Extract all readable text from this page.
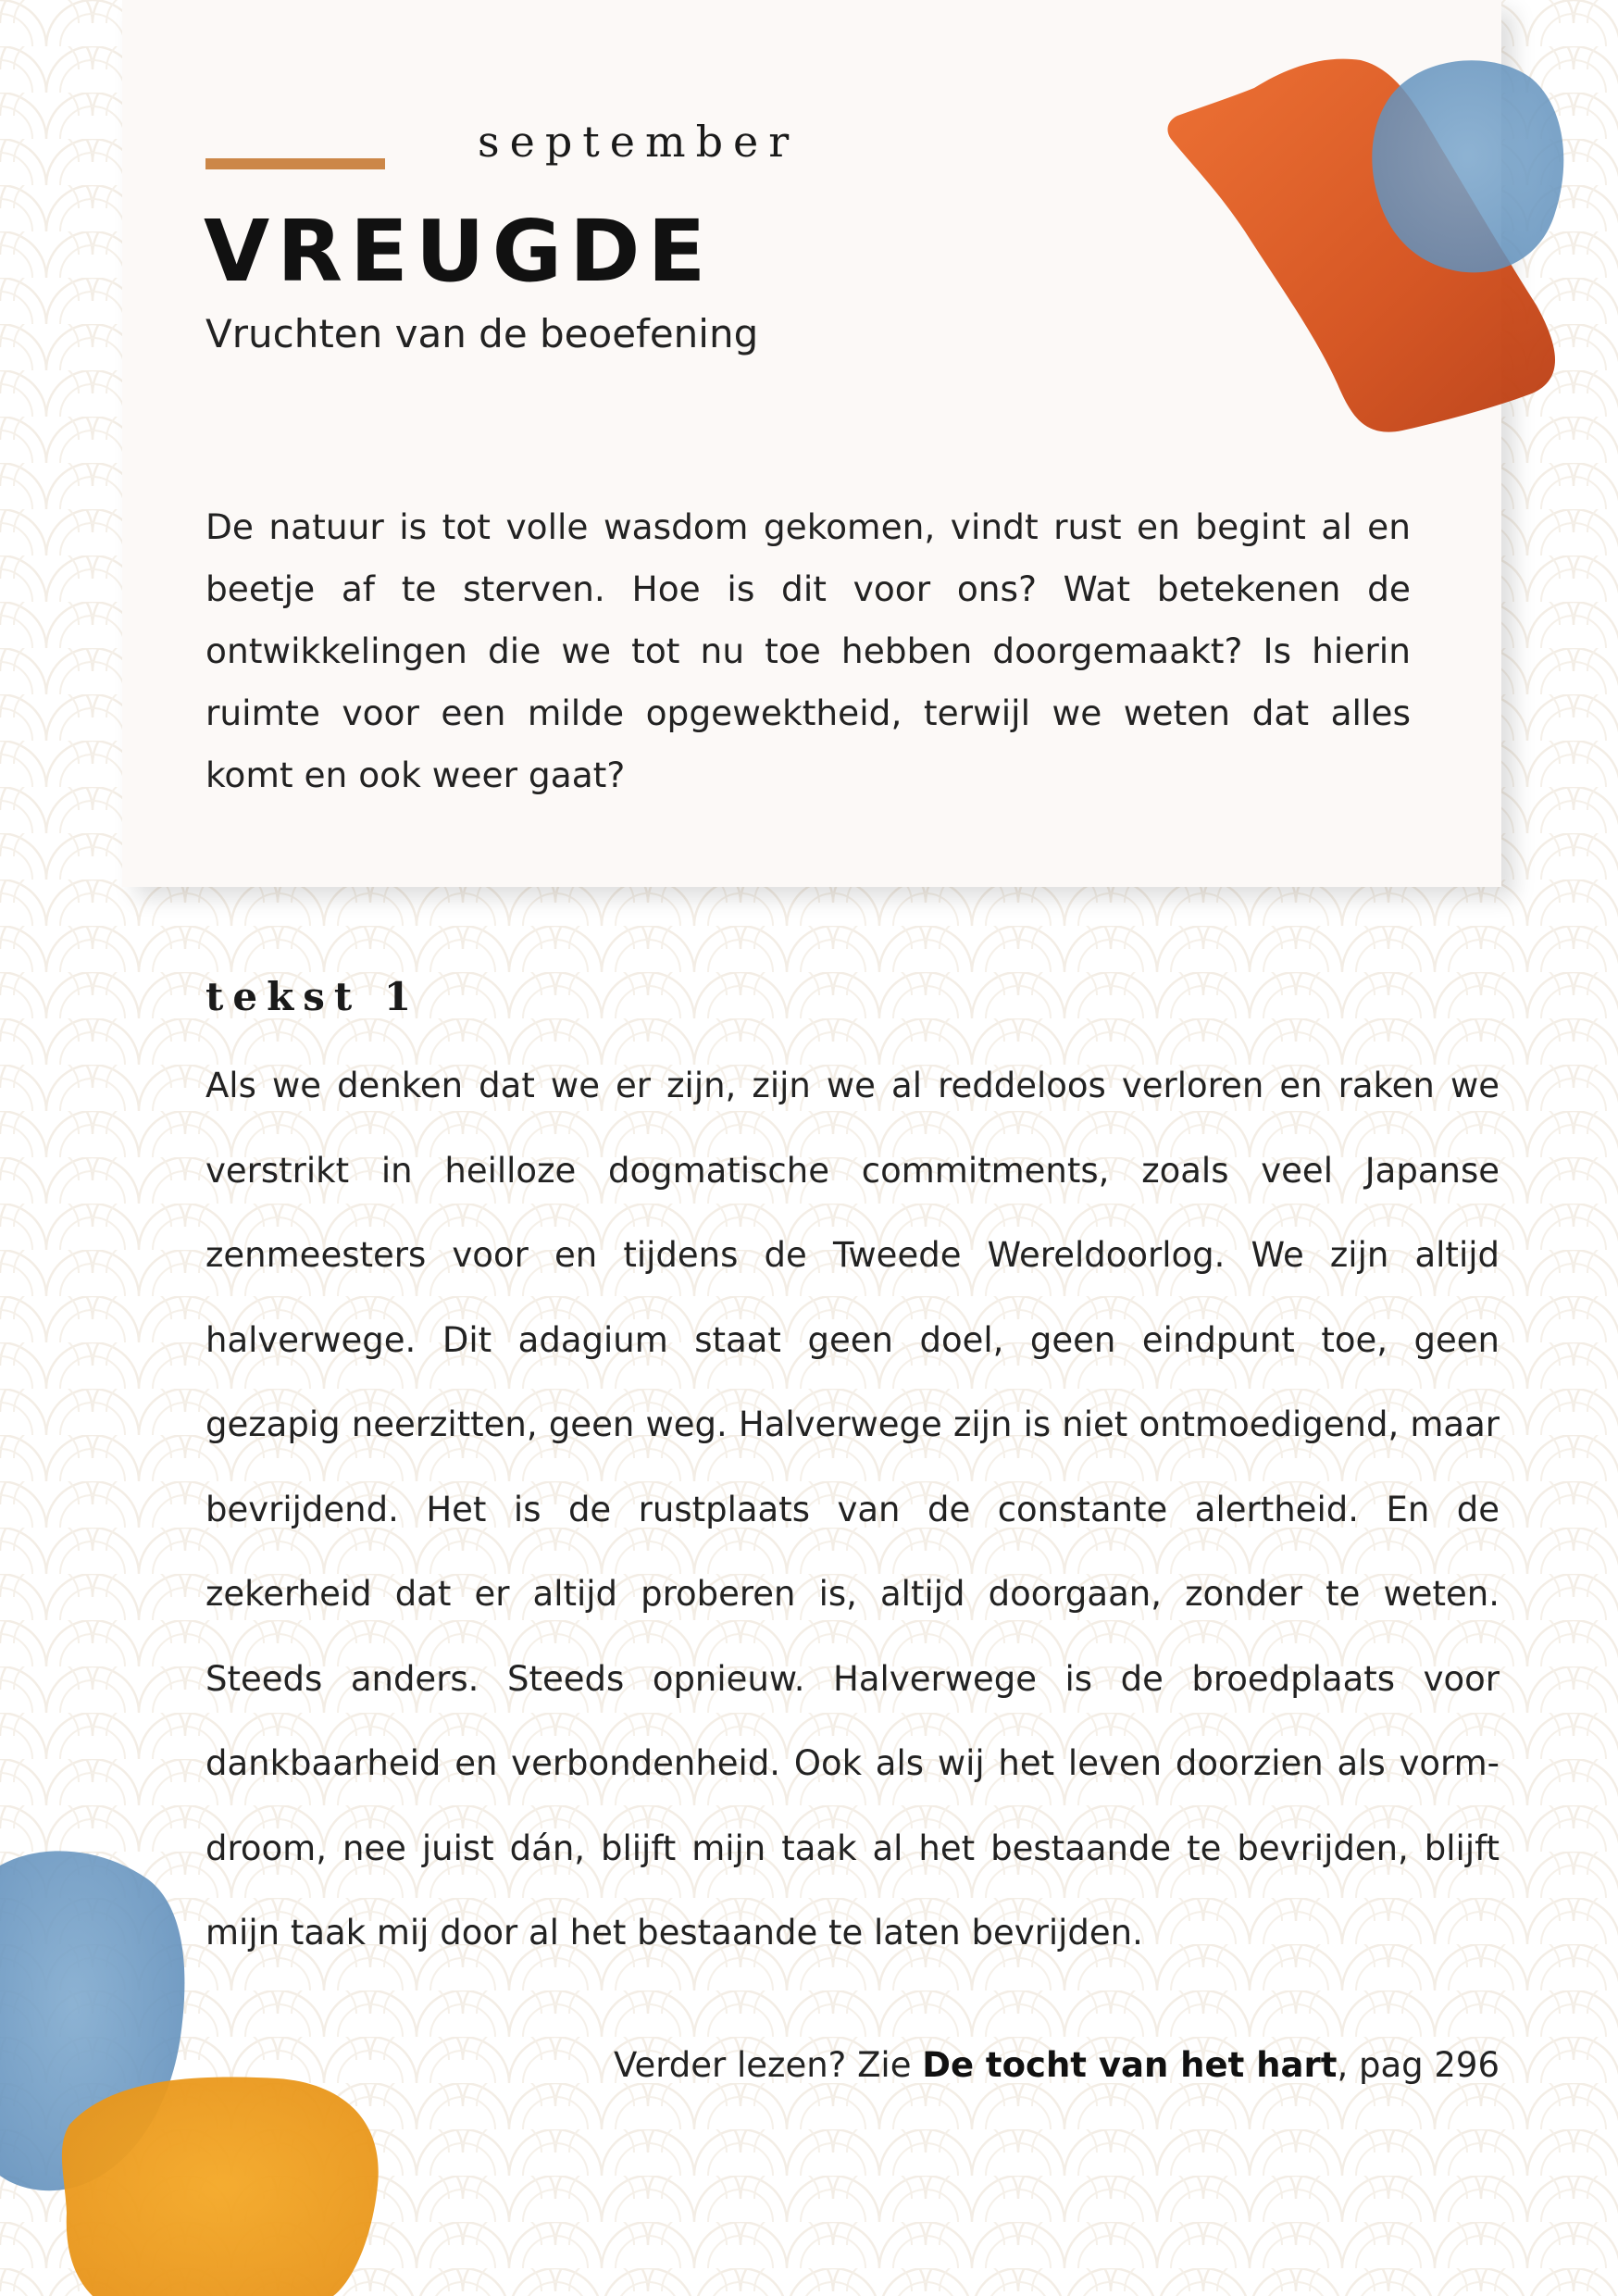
september
VREUGDE
Vruchten van de beoefening

De natuur is tot volle wasdom gekomen, vindt rust en begint al en beetje af te sterven. Hoe is dit voor ons? Wat betekenen de ontwikkelingen die we tot nu toe hebben doorgemaakt? Is hierin ruimte voor een milde opgewektheid, terwijl we weten dat alles komt en ook weer gaat?

tekst 1

Als we denken dat we er zijn, zijn we al reddeloos verloren en raken we verstrikt in heilloze dogmatische commitments, zoals veel Japanse zenmeesters voor en tijdens de Tweede Wereldoorlog. We zijn altijd halverwege. Dit adagium staat geen doel, geen eindpunt toe, geen gezapig neerzitten, geen weg. Halverwege zijn is niet ontmoedigend, maar bevrijdend. Het is de rustplaats van de constante alertheid. En de zekerheid dat er altijd proberen is, altijd doorgaan, zonder te weten. Steeds anders. Steeds opnieuw. Halverwege is de broedplaats voor dankbaarheid en verbondenheid. Ook als wij het leven doorzien als vorm-droom, nee juist dán, blijft mijn taak al het bestaande te bevrijden, blijft mijn taak mij door al het bestaande te laten bevrijden.

Verder lezen? Zie De tocht van het hart, pag 296
